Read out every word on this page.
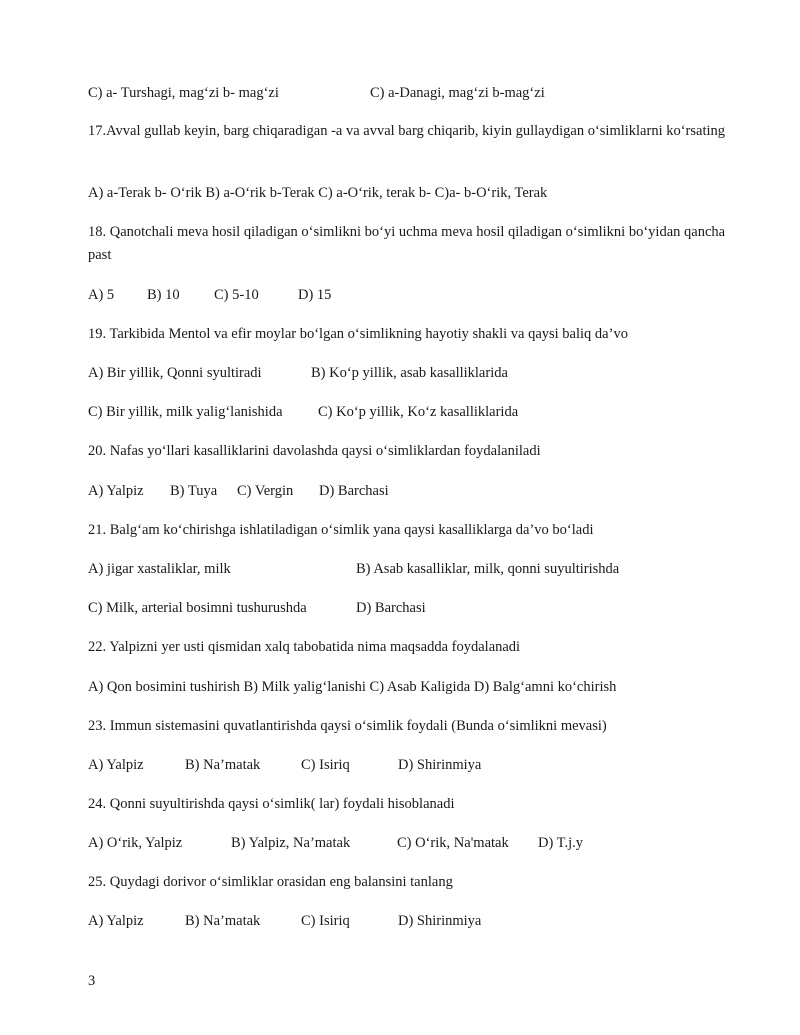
C) a- Turshagi, mag‘zi b- mag‘zi	C) a-Danagi, mag‘zi b-mag‘zi
17.Avval gullab keyin, barg chiqaradigan -a va avval barg chiqarib, kiyin gullaydigan o‘simliklarni ko‘rsating
A) a-Terak b- O‘rik B) a-O‘rik b-Terak C) a-O‘rik, terak b- C)a- b-O‘rik, Terak
18. Qanotchali meva hosil qiladigan o‘simlikni bo‘yi uchma meva hosil qiladigan o‘simlikni bo‘yidan qancha past
A) 5 B) 10 C) 5-10	D) 15
19. Tarkibida Mentol va efir moylar bo‘lgan o‘simlikning hayotiy shakli va qaysi baliq da’vo
A) Bir yillik, Qonni syultiradi	B) Ko‘p yillik, asab kasalliklarida
C) Bir yillik, milk yalig‘lanishida C) Ko‘p yillik, Ko‘z kasalliklarida
20. Nafas yo‘llari kasalliklarini davolashda qaysi o‘simliklardan foydalaniladi
A) Yalpiz B) Tuya C) Vergin D) Barchasi
21. Balg‘am ko‘chirishga ishlatiladigan o‘simlik yana qaysi kasalliklarga da’vo bo‘ladi
A) jigar xastaliklar, milk	B) Asab kasalliklar, milk, qonni suyultirishda
C) Milk, arterial bosimni tushurushda	D) Barchasi
22. Yalpizni yer usti qismidan xalq tabobatida nima maqsadda foydalanadi
A) Qon bosimini tushirish B) Milk yalig‘lanishi C) Asab Kaligida D) Balg‘amni ko‘chirish
23. Immun sistemasini quvatlantirishda qaysi o‘simlik foydali (Bunda o‘simlikni mevasi)
A) Yalpiz	B) Na’matak	C) Isiriq	D) Shirinmiya
24. Qonni suyultirishda qaysi o‘simlik( lar) foydali hisoblanadi
A) O‘rik, Yalpiz	B) Yalpiz, Na’matak	C) O‘rik, Na'matak D) T.j.y
25. Quydagi dorivor o‘simliklar orasidan eng balansini tanlang
A) Yalpiz	B) Na’matak	C) Isiriq	D) Shirinmiya
3
